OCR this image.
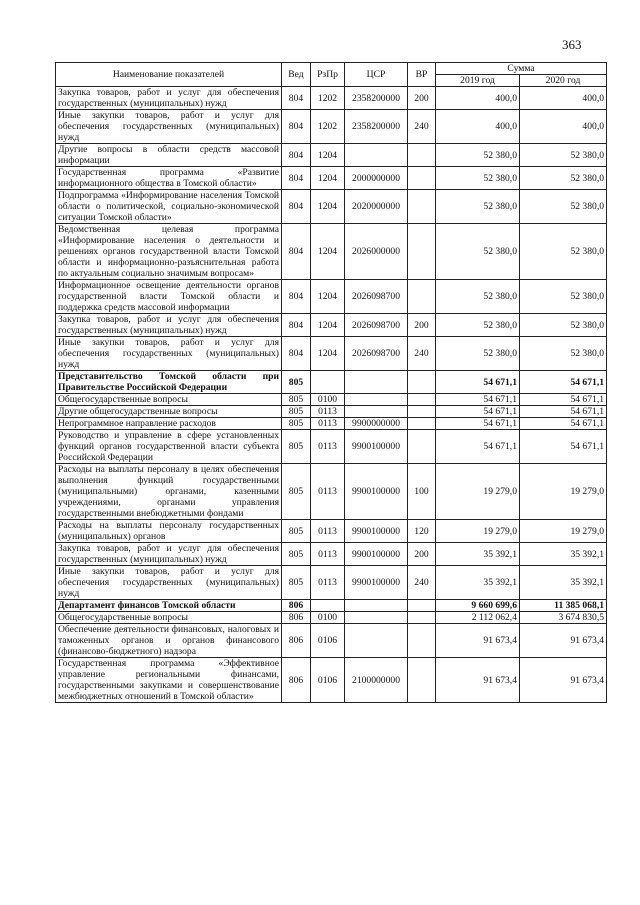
363
Наименование показателей	Вед	РзПр	ЦСР	ВР	Сумма	
					2019 год	2020 год
Закупка товаров, работ и услуг для обеспечения государственных (муниципальных) нужд	804	1202	2358200000	200	400,0	400,0
Иные закупки товаров, работ и услуг для обеспечения государственных (муниципальных) нужд	804	1202	2358200000	240	400,0	400,0
Другие вопросы в области средств массовой информации	804	1204			52 380,0	52 380,0
Государственная программа «Развитие информационного общества в Томской области»	804	1204	2000000000		52 380,0	52 380,0
Подпрограмма «Информирование населения Томской области о политической, социально-экономической ситуации Томской области»	804	1204	2020000000		52 380,0	52 380,0
Ведомственная целевая программа «Информирование населения о деятельности и решениях органов государственной власти Томской области и информационно-разъяснительная работа по актуальным социально значимым вопросам»	804	1204	2026000000		52 380,0	52 380,0
Информационное освещение деятельности органов государственной власти Томской области и поддержка средств массовой информации	804	1204	2026098700		52 380,0	52 380,0
Закупка товаров, работ и услуг для обеспечения государственных (муниципальных) нужд	804	1204	2026098700	200	52 380,0	52 380,0
Иные закупки товаров, работ и услуг для обеспечения государственных (муниципальных) нужд	804	1204	2026098700	240	52 380,0	52 380,0
Представительство Томской области при Правительстве Российской Федерации	805				54 671,1	54 671,1
Общегосударственные вопросы	805	0100			54 671,1	54 671,1
Другие общегосударственные вопросы	805	0113			54 671,1	54 671,1
Непрограммное направление расходов	805	0113	9900000000		54 671,1	54 671,1
Руководство и управление в сфере установленных функций органов государственной власти субъекта Российской Федерации	805	0113	9900100000		54 671,1	54 671,1
Расходы на выплаты персоналу в целях обеспечения выполнения функций государственными (муниципальными) органами, казенными учреждениями, органами управления государственными внебюджетными фондами	805	0113	9900100000	100	19 279,0	19 279,0
Расходы на выплаты персоналу государственных (муниципальных) органов	805	0113	9900100000	120	19 279,0	19 279,0
Закупка товаров, работ и услуг для обеспечения государственных (муниципальных) нужд	805	0113	9900100000	200	35 392,1	35 392,1
Иные закупки товаров, работ и услуг для обеспечения государственных (муниципальных) нужд	805	0113	9900100000	240	35 392,1	35 392,1
Департамент финансов Томской области	806				9 660 699,6	11 385 068,1
Общегосударственные вопросы	806	0100			2 112 062,4	3 674 830,5
Обеспечение деятельности финансовых, налоговых и таможенных органов и органов финансового (финансово-бюджетного) надзора	806	0106			91 673,4	91 673,4
Государственная программа «Эффективное управление региональными финансами, государственными закупками и совершенствование межбюджетных отношений в Томской области»	806	0106	2100000000		91 673,4	91 673,4
